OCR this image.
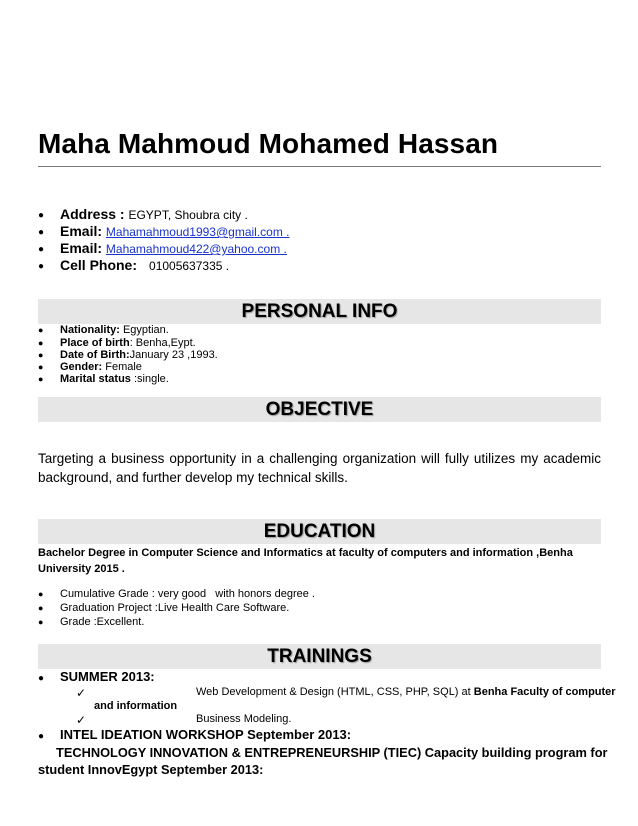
Maha Mahmoud Mohamed Hassan
● Address : EGYPT, Shoubra city .
● Email: Mahamahmoud1993@gmail.com .
● Email: Mahamahmoud422@yahoo.com .
● Cell Phone: 01005637335 .
PERSONAL INFO
● Nationality: Egyptian.
● Place of birth: Benha,Eypt.
● Date of Birth:January 23 ,1993.
● Gender: Female
● Marital status :single.
OBJECTIVE
Targeting a business opportunity in a challenging organization will fully utilizes my academic background, and further develop my technical skills.
EDUCATION
Bachelor Degree in Computer Science and Informatics at faculty of computers and information ,Benha University 2015 .
● Cumulative Grade : very good   with honors degree .
● Graduation Project :Live Health Care Software.
● Grade :Excellent.
TRAININGS
● SUMMER 2013:
✓	Web Development & Design (HTML, CSS, PHP, SQL) at Benha Faculty of computer
and information
✓	Business Modeling.
● INTEL IDEATION WORKSHOP September 2013:
TECHNOLOGY INNOVATION & ENTREPRENEURSHIP (TIEC) Capacity building program for
student InnovEgypt September 2013:
